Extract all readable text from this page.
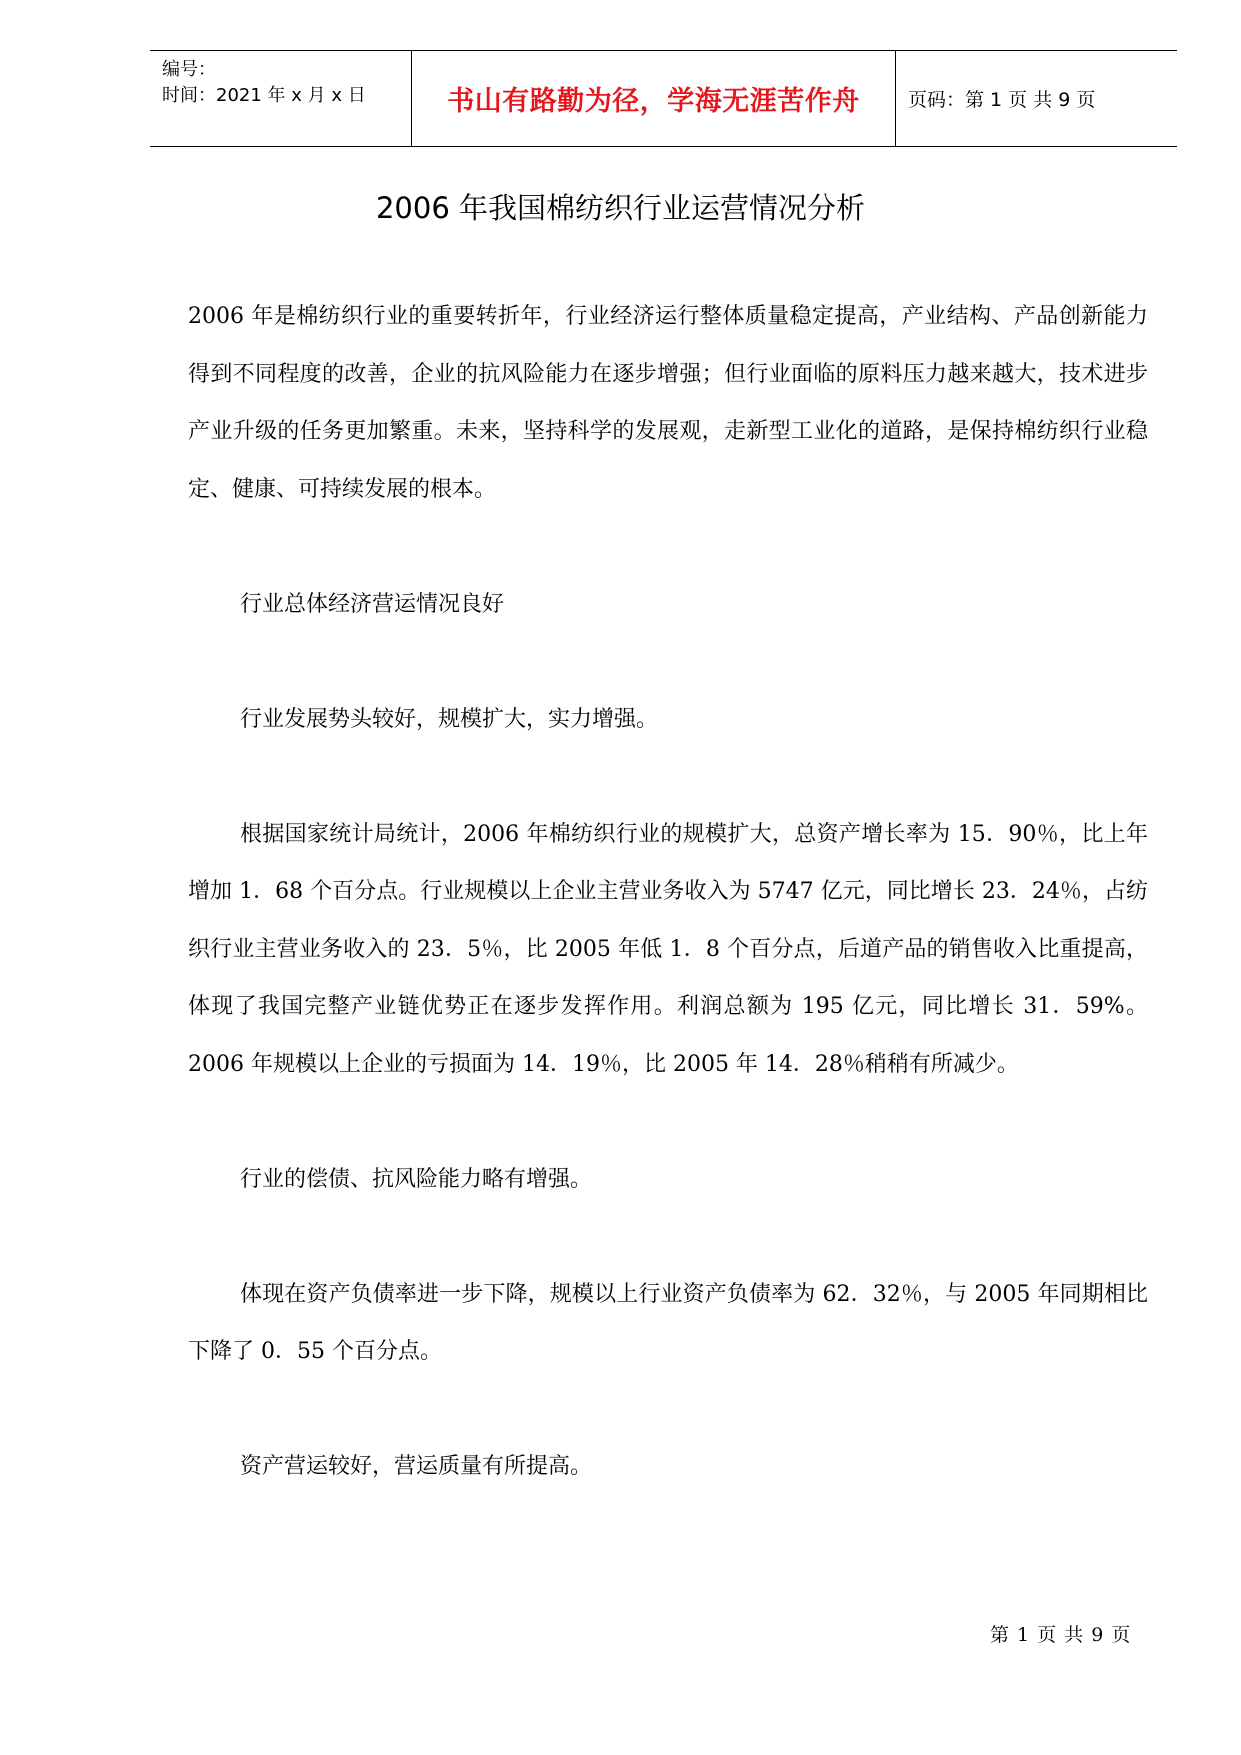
编号：
时间：2021 年 x 月 x 日	书山有路勤为径，学海无涯苦作舟	页码：第 1 页 共 9 页
2006 年我国棉纺织行业运营情况分析

2006 年是棉纺织行业的重要转折年，行业经济运行整体质量稳定提高，产业结构、产品创新能力得到不同程度的改善，企业的抗风险能力在逐步增强；但行业面临的原料压力越来越大，技术进步产业升级的任务更加繁重。未来，坚持科学的发展观，走新型工业化的道路，是保持棉纺织行业稳定、健康、可持续发展的根本。

行业总体经济营运情况良好

行业发展势头较好，规模扩大，实力增强。

根据国家统计局统计，2006 年棉纺织行业的规模扩大，总资产增长率为 15．90％，比上年增加 1．68 个百分点。行业规模以上企业主营业务收入为 5747 亿元，同比增长 23．24％，占纺织行业主营业务收入的 23．5％，比 2005 年低 1．8 个百分点，后道产品的销售收入比重提高，体现了我国完整产业链优势正在逐步发挥作用。利润总额为 195 亿元，同比增长 31．59%。2006 年规模以上企业的亏损面为 14．19％，比 2005 年 14．28％稍稍有所减少。

行业的偿债、抗风险能力略有增强。

体现在资产负债率进一步下降，规模以上行业资产负债率为 62．32％，与 2005 年同期相比下降了 0．55 个百分点。

资产营运较好，营运质量有所提高。

第 1 页 共 9 页
